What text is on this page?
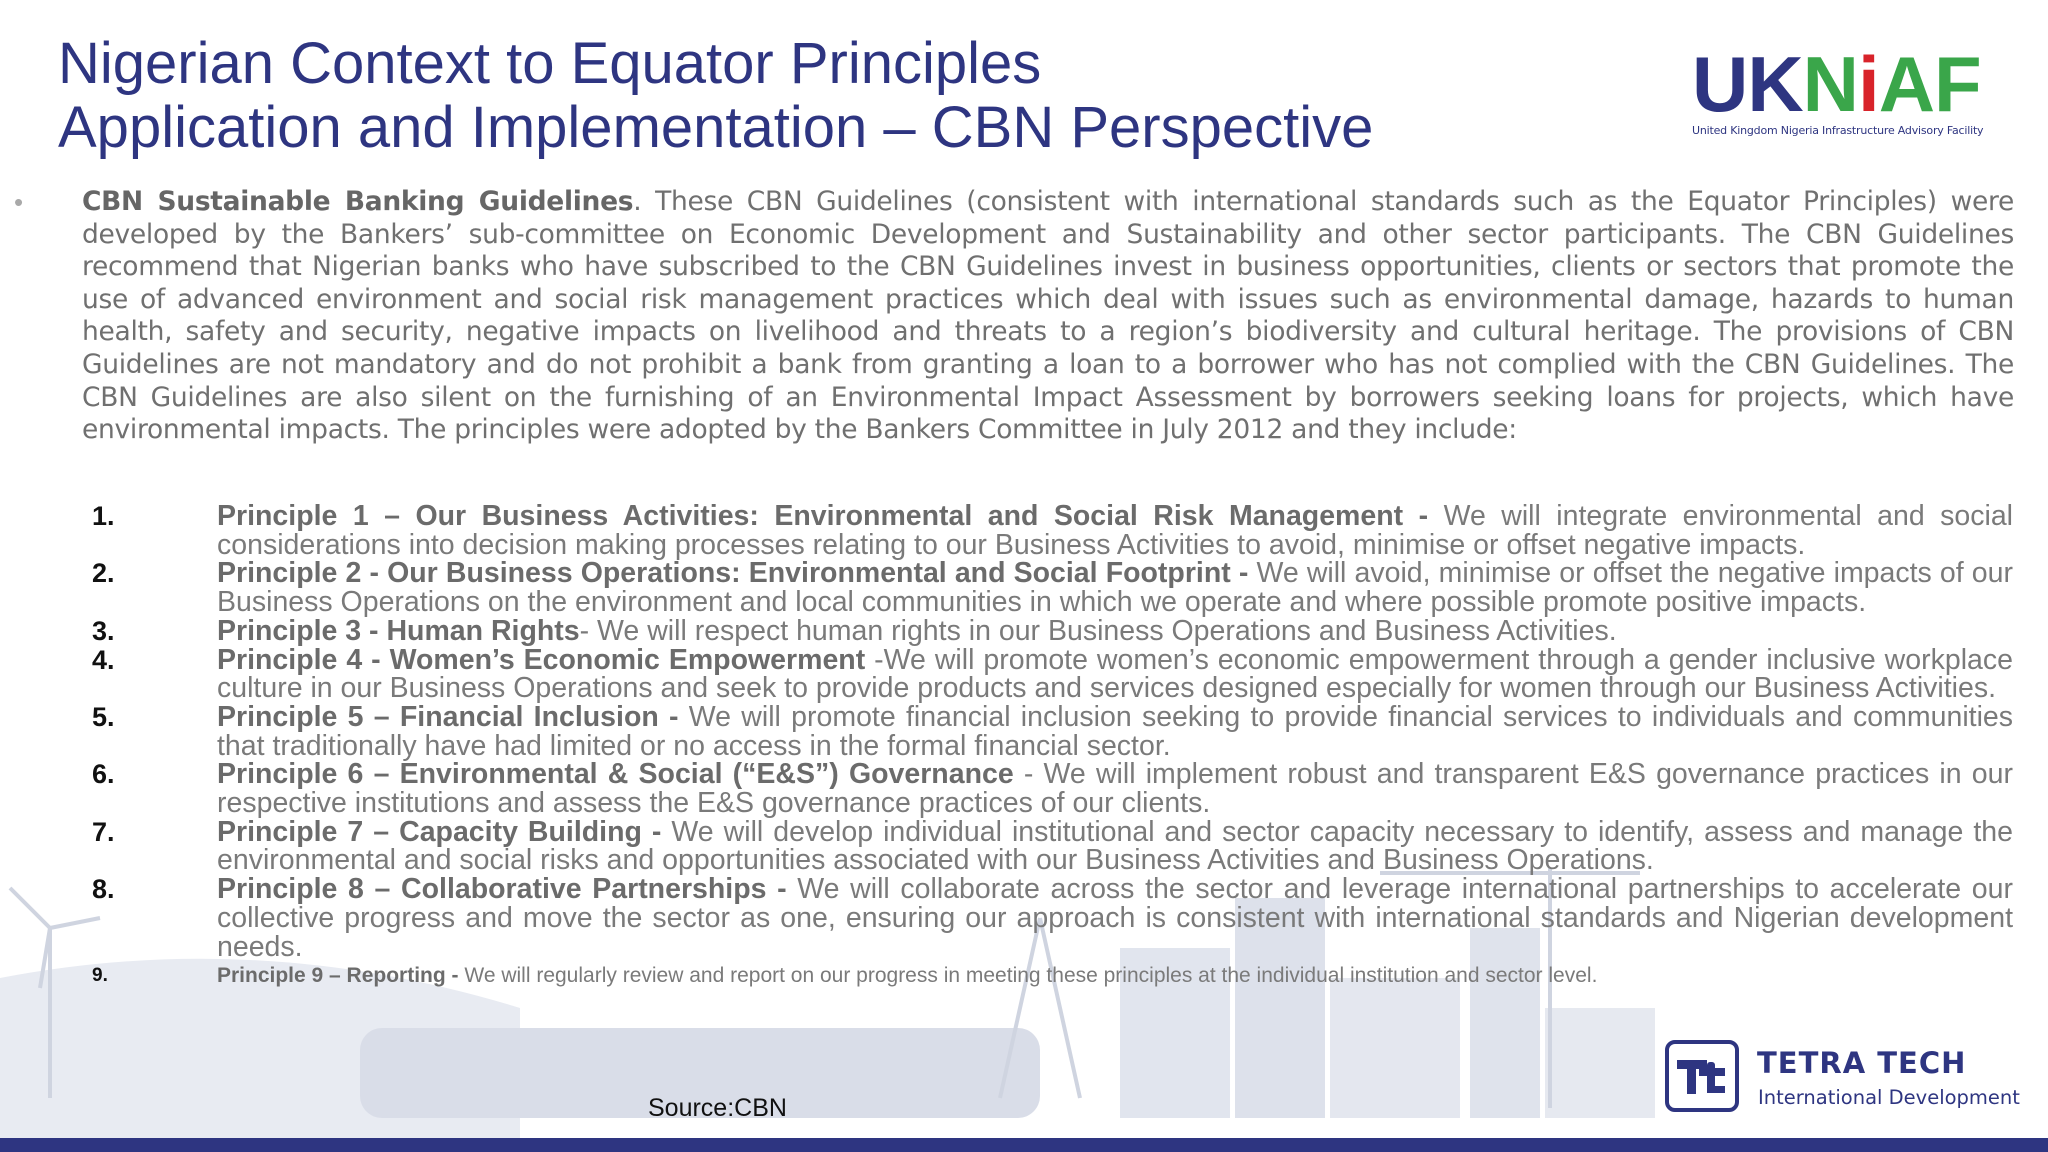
Nigerian Context to Equator Principles
Application and Implementation – CBN Perspective	UKNiAF
United Kingdom Nigeria Infrastructure Advisory Facility
• CBN Sustainable Banking Guidelines. These CBN Guidelines (consistent with international standards such as the Equator Principles) were developed by the Bankers’ sub-committee on Economic Development and Sustainability and other sector participants. The CBN Guidelines recommend that Nigerian banks who have subscribed to the CBN Guidelines invest in business opportunities, clients or sectors that promote the use of advanced environment and social risk management practices which deal with issues such as environmental damage, hazards to human health, safety and security, negative impacts on livelihood and threats to a region’s biodiversity and cultural heritage. The provisions of CBN Guidelines are not mandatory and do not prohibit a bank from granting a loan to a borrower who has not complied with the CBN Guidelines. The CBN Guidelines are also silent on the furnishing of an Environmental Impact Assessment by borrowers seeking loans for projects, which have environmental impacts. The principles were adopted by the Bankers Committee in July 2012 and they include:
1.	Principle 1 – Our Business Activities: Environmental and Social Risk Management - We will integrate environmental and social considerations into decision making processes relating to our Business Activities to avoid, minimise or offset negative impacts.
2.	Principle 2 - Our Business Operations: Environmental and Social Footprint - We will avoid, minimise or offset the negative impacts of our Business Operations on the environment and local communities in which we operate and where possible promote positive impacts.
3.	Principle 3 - Human Rights- We will respect human rights in our Business Operations and Business Activities.
4.	Principle 4 - Women’s Economic Empowerment -We will promote women’s economic empowerment through a gender inclusive workplace culture in our Business Operations and seek to provide products and services designed especially for women through our Business Activities.
5.	Principle 5 – Financial Inclusion - We will promote financial inclusion seeking to provide financial services to individuals and communities that traditionally have had limited or no access in the formal financial sector.
6.	Principle 6 – Environmental & Social (“E&S”) Governance - We will implement robust and transparent E&S governance practices in our respective institutions and assess the E&S governance practices of our clients.
7.	Principle 7 – Capacity Building - We will develop individual institutional and sector capacity necessary to identify, assess and manage the environmental and social risks and opportunities associated with our Business Activities and Business Operations.
8.	Principle 8 – Collaborative Partnerships - We will collaborate across the sector and leverage international partnerships to accelerate our collective progress and move the sector as one, ensuring our approach is consistent with international standards and Nigerian development needs.
9.	Principle 9 – Reporting - We will regularly review and report on our progress in meeting these principles at the individual institution and sector level.
Source:CBN
TETRA TECH
International Development
